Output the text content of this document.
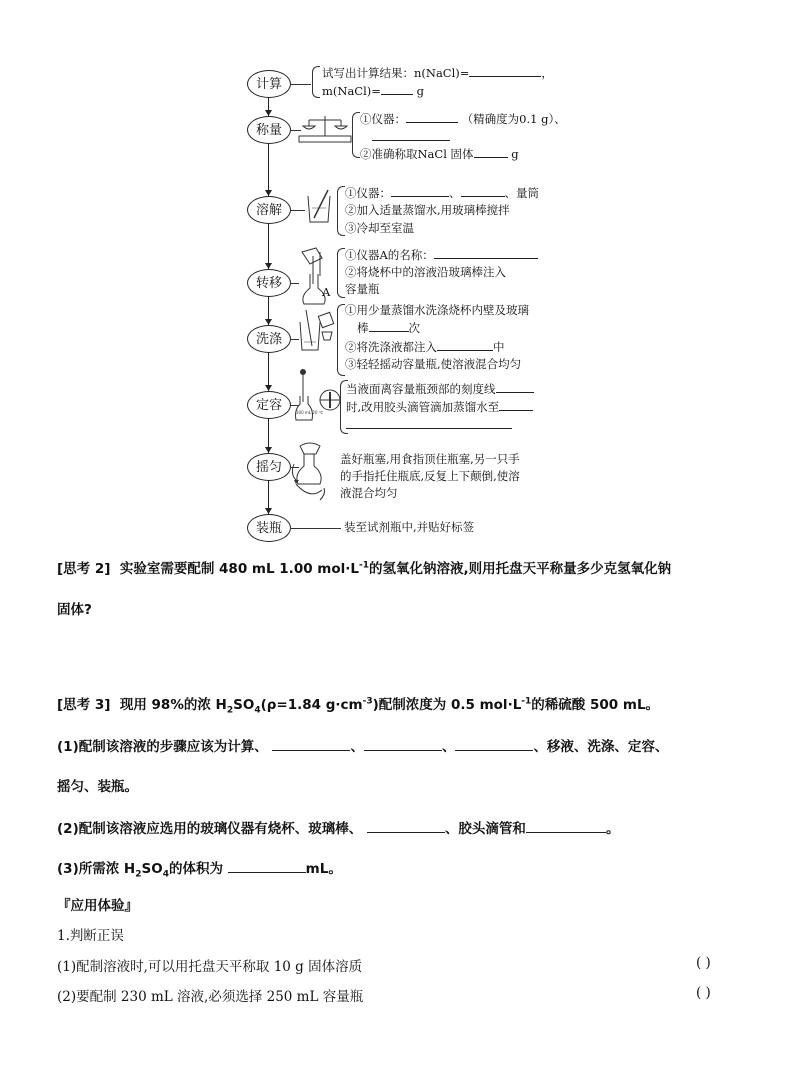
计算
称量
溶解
转移
洗涤
定容
摇匀
装瓶
试写出计算结果：n(NaCl)=	，
m(NaCl)=	g
①仪器：	（精确度为0.1 g）、
②准确称取NaCl 固体	g
①仪器：	、	、量筒
②加入适量蒸馏水,用玻璃棒搅拌
③冷却至室温
A
①仪器A的名称：
②将烧杯中的溶液沿玻璃棒注入
容量瓶
①用少量蒸馏水洗涤烧杯内壁及玻璃
棒	次
②将洗涤液都注入	中
③轻轻摇动容量瓶,使溶液混合均匀
100 mL 20 ℃
当液面离容量瓶颈部的刻度线
时,改用胶头滴管滴加蒸馏水至
盖好瓶塞,用食指顶住瓶塞,另一只手
的手指托住瓶底,反复上下颠倒,使溶
液混合均匀
装至试剂瓶中,并贴好标签
[思考 2] 实验室需要配制 480 mL 1.00 $mol\cdot L^{-1}$的氢氧化钠溶液,则用托盘天平称量多少克氢氧化钠
固体?
[思考 3] 现用 98%的浓 $H_2SO_4(\rho=1.84$ $g\cdot cm^{-3}$)配制浓度为 0.5 $mol\cdot L^{-1}$的稀硫酸 500 mL。
(1)配制该溶液的步骤应该为计算、	、	、	、移液、洗涤、定容、
摇匀、装瓶。
(2)配制该溶液应选用的玻璃仪器有烧杯、玻璃棒、	、胶头滴管和	。
(3)所需浓 $H_2SO_4$的体积为	mL。
『应用体验』
1.判断正误
(1)配制溶液时,可以用托盘天平称取 10 g 固体溶质	( )
(2)要配制 230 mL 溶液,必须选择 250 mL 容量瓶	( )
